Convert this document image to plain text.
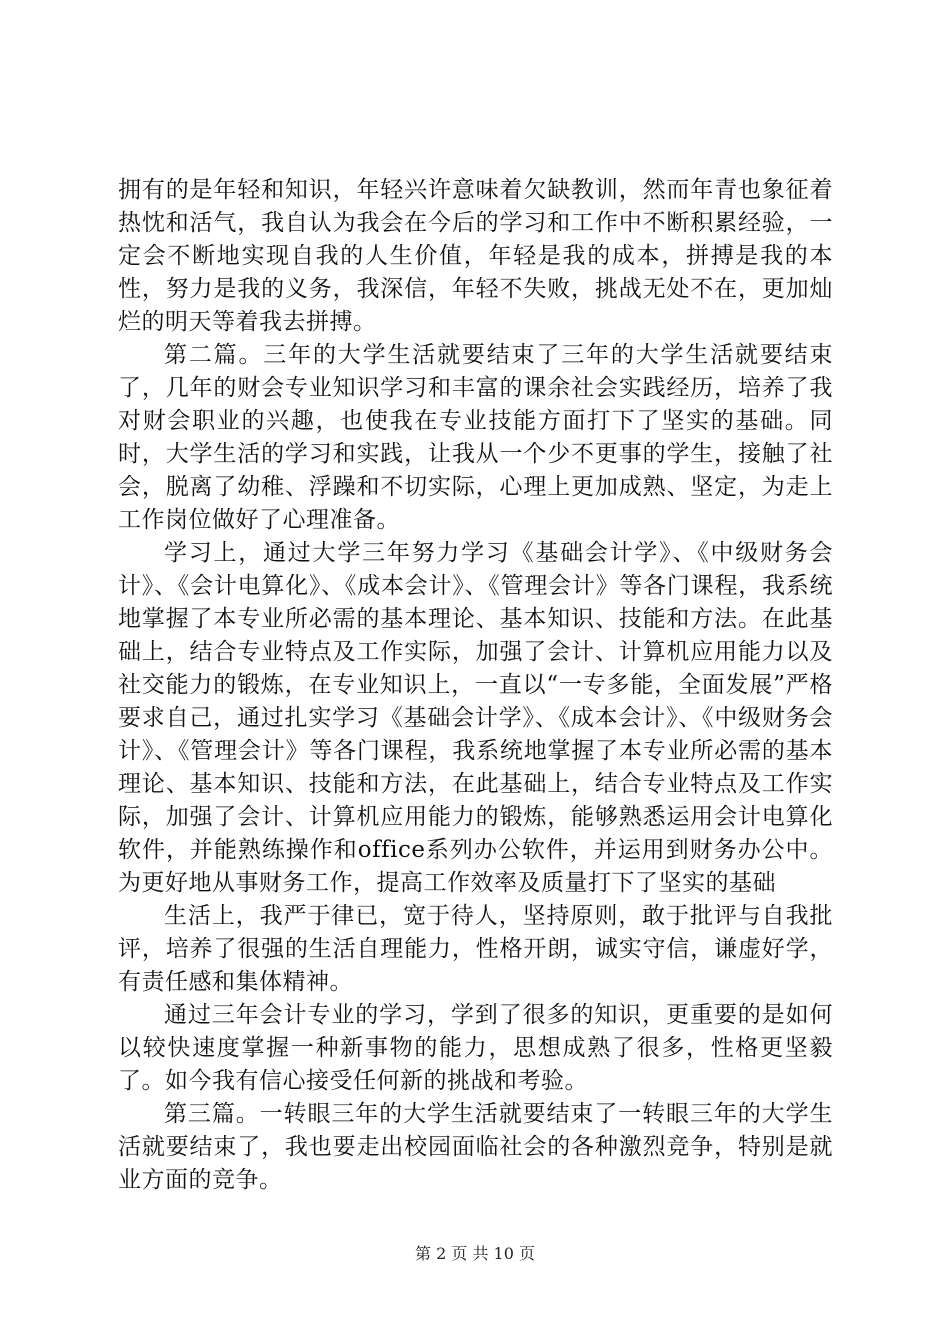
拥有的是年轻和知识，年轻兴许意味着欠缺教训，然而年青也象征着热忱和活气，我自认为我会在今后的学习和工作中不断积累经验，一定会不断地实现自我的人生价值，年轻是我的成本，拼搏是我的本性，努力是我的义务，我深信，年轻不失败，挑战无处不在，更加灿烂的明天等着我去拼搏。

第二篇。三年的大学生活就要结束了三年的大学生活就要结束了，几年的财会专业知识学习和丰富的课余社会实践经历，培养了我对财会职业的兴趣，也使我在专业技能方面打下了坚实的基础。同时，大学生活的学习和实践，让我从一个少不更事的学生，接触了社会，脱离了幼稚、浮躁和不切实际，心理上更加成熟、坚定，为走上工作岗位做好了心理准备。

学习上，通过大学三年努力学习《基础会计学》、《中级财务会计》、《会计电算化》、《成本会计》、《管理会计》等各门课程，我系统地掌握了本专业所必需的基本理论、基本知识、技能和方法。在此基础上，结合专业特点及工作实际，加强了会计、计算机应用能力以及社交能力的锻炼，在专业知识上，一直以“一专多能，全面发展”严格要求自己，通过扎实学习《基础会计学》、《成本会计》、《中级财务会计》、《管理会计》等各门课程，我系统地掌握了本专业所必需的基本理论、基本知识、技能和方法，在此基础上，结合专业特点及工作实际，加强了会计、计算机应用能力的锻炼，能够熟悉运用会计电算化软件，并能熟练操作和office系列办公软件，并运用到财务办公中。为更好地从事财务工作，提高工作效率及质量打下了坚实的基础

生活上，我严于律已，宽于待人，坚持原则，敢于批评与自我批评，培养了很强的生活自理能力，性格开朗，诚实守信，谦虚好学，有责任感和集体精神。

通过三年会计专业的学习，学到了很多的知识，更重要的是如何以较快速度掌握一种新事物的能力，思想成熟了很多，性格更坚毅了。如今我有信心接受任何新的挑战和考验。

第三篇。一转眼三年的大学生活就要结束了一转眼三年的大学生活就要结束了，我也要走出校园面临社会的各种激烈竞争，特别是就业方面的竞争。

第 2 页 共 10 页
